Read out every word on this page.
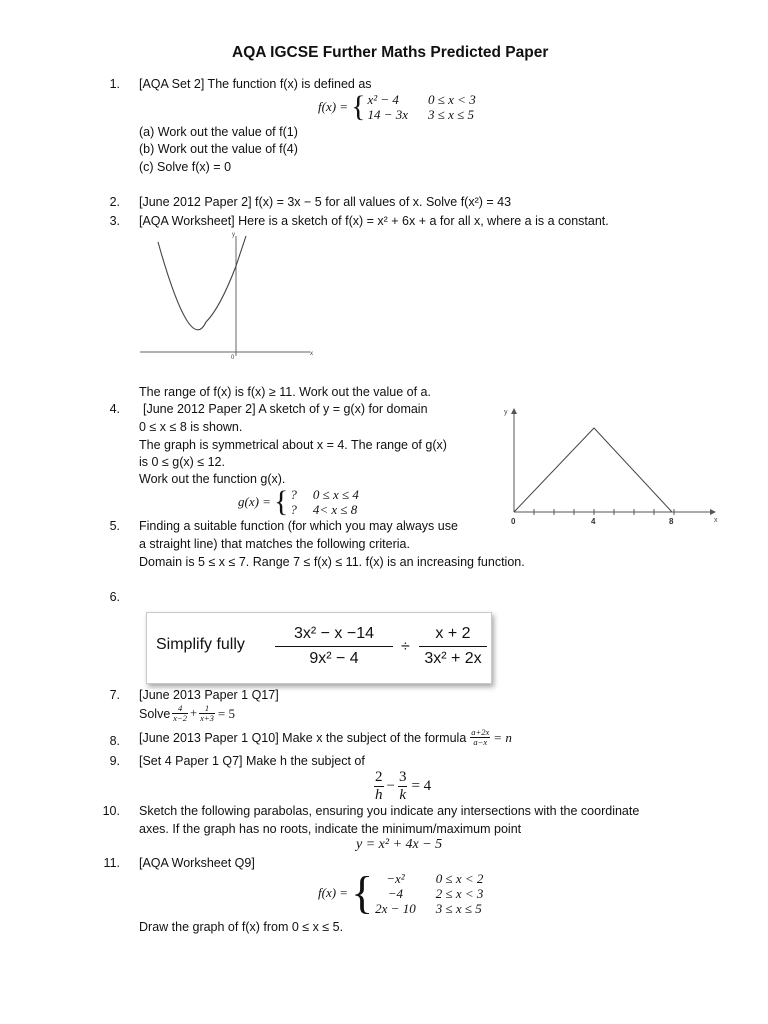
AQA IGCSE Further Maths Predicted Paper
1. [AQA Set 2] The function f(x) is defined as
f(x) = { x² − 4	0 ≤ x < 3
14 − 3x	3 ≤ x ≤ 5
(a) Work out the value of f(1)
(b) Work out the value of f(4)
(c) Solve f(x) = 0
2. [June 2012 Paper 2] f(x) = 3x − 5 for all values of x. Solve f(x²) = 43
3. [AQA Worksheet] Here is a sketch of f(x) = x² + 6x + a for all x, where a is a constant.
y
x
0
The range of f(x) is f(x) ≥ 11. Work out the value of a.
4. [June 2012 Paper 2] A sketch of y = g(x) for domain
0 ≤ x ≤ 8 is shown.
The graph is symmetrical about x = 4. The range of g(x)
is 0 ≤ g(x) ≤ 12.
Work out the function g(x).
g(x) = { ?	0 ≤ x ≤ 4
?	4< x ≤ 8
y
x
0	4	8
5. Finding a suitable function (for which you may always use
a straight line) that matches the following criteria.
Domain is 5 ≤ x ≤ 7. Range 7 ≤ f(x) ≤ 11. f(x) is an increasing function.
6.
Simplify fully $\frac{\text{3x² − x −14}}{\text{9x² − 4}} \div \frac{x + 2}{\text{3x² + 2x}}$
7. [June 2013 Paper 1 Q17]
Solve $\frac{4}{x-2} + \frac{1}{x+3} = 5$
8. [June 2013 Paper 1 Q10] Make x the subject of the formula $\frac{a+2x}{a-x} = n$
9. [Set 4 Paper 1 Q7] Make h the subject of
$\frac{2}{h} - \frac{3}{k} = 4$
10. Sketch the following parabolas, ensuring you indicate any intersections with the coordinate
axes. If the graph has no roots, indicate the minimum/maximum point
y = x² + 4x − 5
11. [AQA Worksheet Q9]
f(x) = { −x²	0 ≤ x < 2
−4	2 ≤ x < 3
2x − 10	3 ≤ x ≤ 5
Draw the graph of f(x) from 0 ≤ x ≤ 5.
